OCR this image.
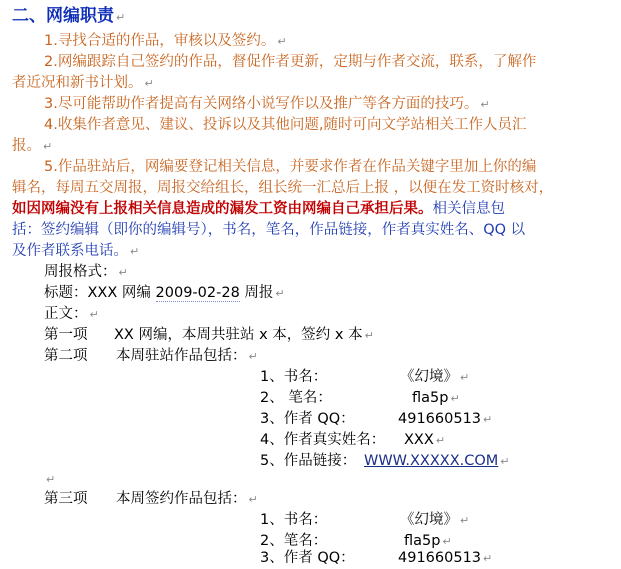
二、网编职责 ↵
1.寻找合适的作品，审核以及签约。 ↵
2.网编跟踪自己签约的作品，督促作者更新，定期与作者交流，联系，了解作
者近况和新书计划。 ↵
3.尽可能帮助作者提高有关网络小说写作以及推广等各方面的技巧。 ↵
4.收集作者意见、建议、投诉以及其他问题,随时可向文学站相关工作人员汇
报。 ↵
5.作品驻站后，网编要登记相关信息，并要求作者在作品关键字里加上你的编
辑名，每周五交周报，周报交给组长，组长统一汇总后上报 ，以便在发工资时核对，
如因网编没有上报相关信息造成的漏发工资由网编自己承担后果。相关信息包
括：签约编辑（即你的编辑号），书名，笔名，作品链接，作者真实姓名、QQ 以
及作者联系电话。 ↵
周报格式： ↵
标题：XXX 网编 2009-02-28 周报 ↵
正文： ↵
第一项 XX 网编，本周共驻站 x 本，签约 x 本 ↵
第二项 本周驻站作品包括： ↵
1、书名：	《幻境》 ↵
2、 笔名：	fla5p ↵
3、作者 QQ：	491660513 ↵
4、作者真实姓名： XXX ↵
5、作品链接： WWW.XXXXX.COM ↵
↵
第三项 本周签约作品包括： ↵
1、书名：	《幻境》 ↵
2、笔名：	fla5p ↵
3、作者 QQ：	491660513 ↵
